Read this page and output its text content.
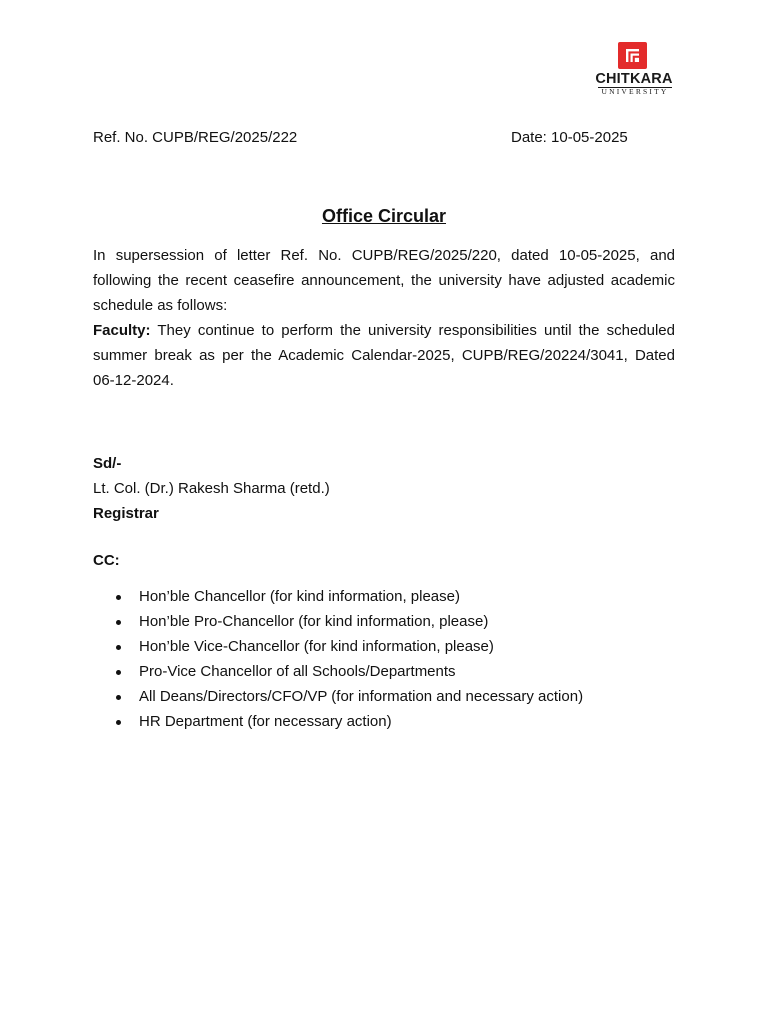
CHITKARA
UNIVERSITY
Ref. No. CUPB/REG/2025/222	Date: 10-05-2025
Office Circular

In supersession of letter Ref. No. CUPB/REG/2025/220, dated 10-05-2025, and following the recent ceasefire announcement, the university have adjusted academic schedule as follows:

Faculty: They continue to perform the university responsibilities until the scheduled summer break as per the Academic Calendar-2025, CUPB/REG/20224/3041, Dated 06-12-2024.

Sd/-
Lt. Col. (Dr.) Rakesh Sharma (retd.)
Registrar
CC:
Hon’ble Chancellor (for kind information, please)
Hon’ble Pro-Chancellor (for kind information, please)
Hon’ble Vice-Chancellor (for kind information, please)
Pro-Vice Chancellor of all Schools/Departments
All Deans/Directors/CFO/VP (for information and necessary action)
HR Department (for necessary action)
